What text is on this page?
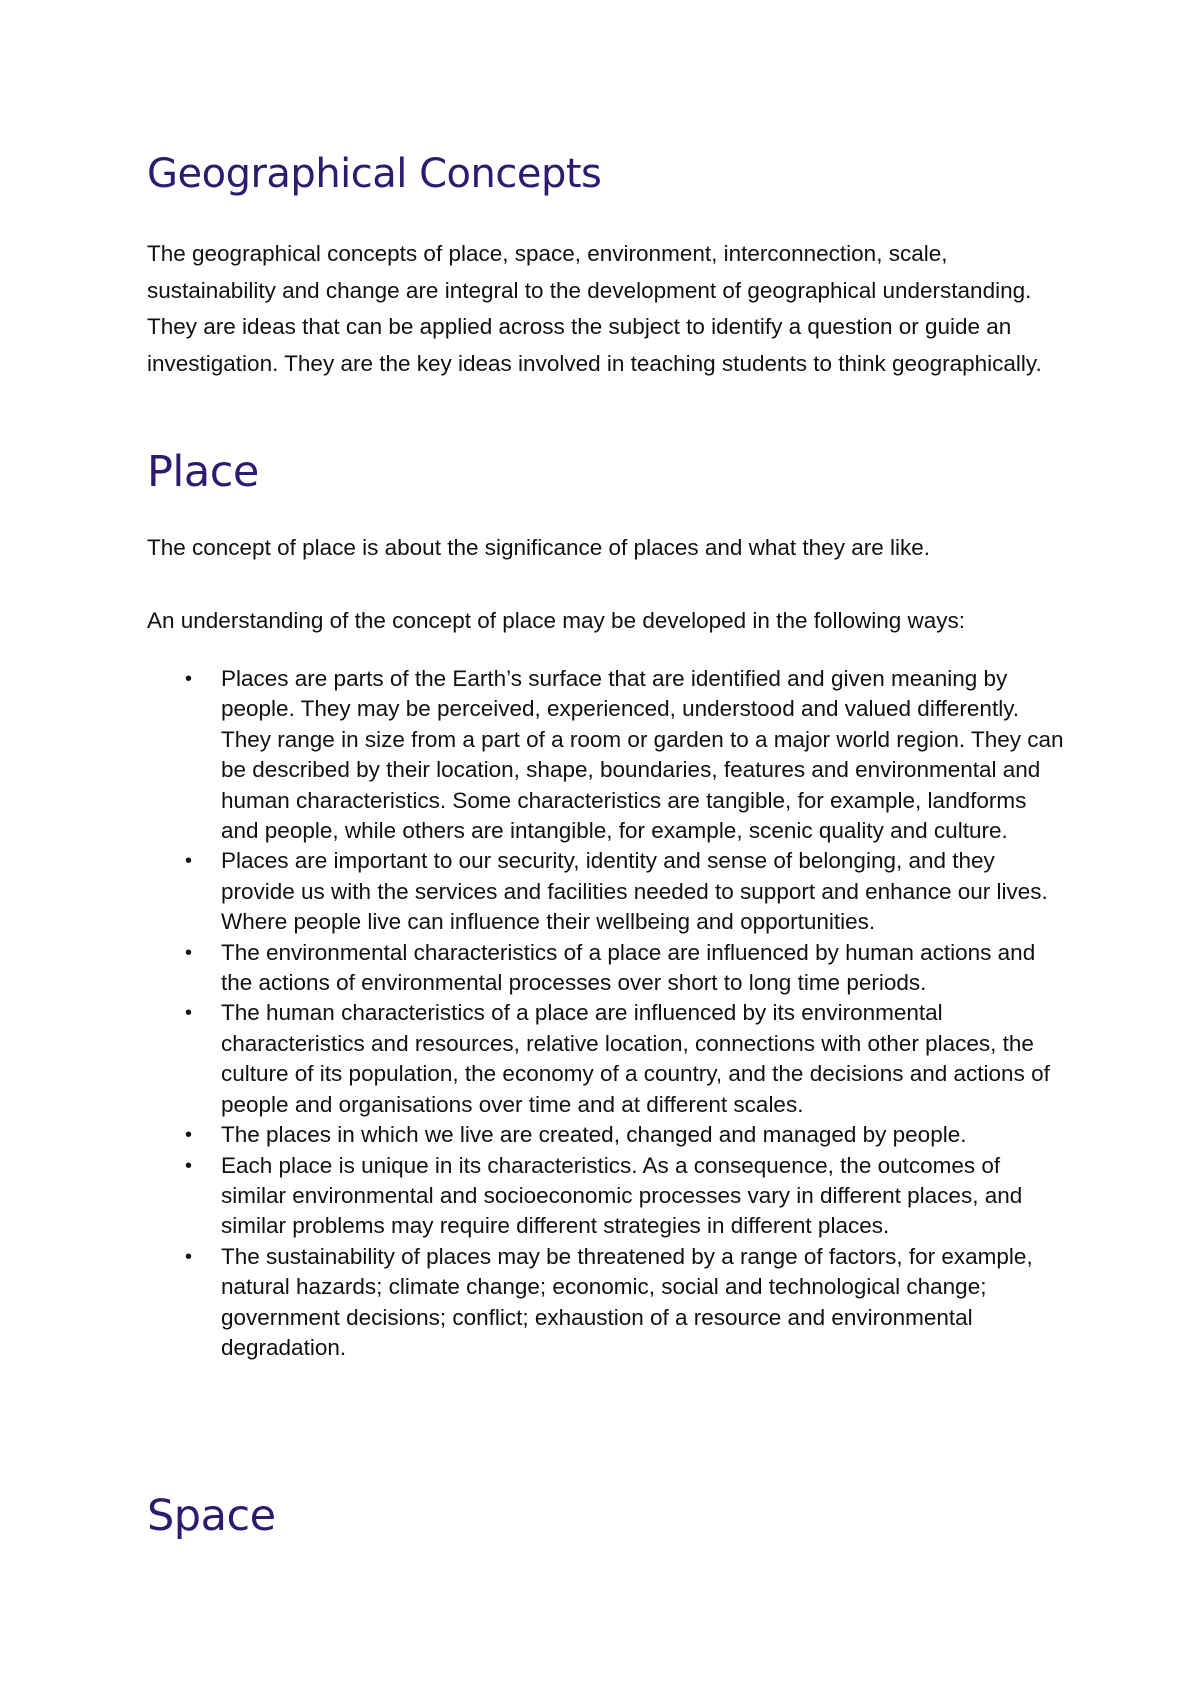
Geographical Concepts

The geographical concepts of place, space, environment, interconnection, scale, sustainability and change are integral to the development of geographical understanding. They are ideas that can be applied across the subject to identify a question or guide an investigation. They are the key ideas involved in teaching students to think geographically.

Place

The concept of place is about the significance of places and what they are like.

An understanding of the concept of place may be developed in the following ways:

• Places are parts of the Earth’s surface that are identified and given meaning by people. They may be perceived, experienced, understood and valued differently. They range in size from a part of a room or garden to a major world region. They can be described by their location, shape, boundaries, features and environmental and human characteristics. Some characteristics are tangible, for example, landforms and people, while others are intangible, for example, scenic quality and culture.
• Places are important to our security, identity and sense of belonging, and they provide us with the services and facilities needed to support and enhance our lives. Where people live can influence their wellbeing and opportunities.
• The environmental characteristics of a place are influenced by human actions and the actions of environmental processes over short to long time periods.
• The human characteristics of a place are influenced by its environmental characteristics and resources, relative location, connections with other places, the culture of its population, the economy of a country, and the decisions and actions of people and organisations over time and at different scales.
• The places in which we live are created, changed and managed by people.
• Each place is unique in its characteristics. As a consequence, the outcomes of similar environmental and socioeconomic processes vary in different places, and similar problems may require different strategies in different places.
• The sustainability of places may be threatened by a range of factors, for example, natural hazards; climate change; economic, social and technological change; government decisions; conflict; exhaustion of a resource and environmental degradation.
Space
